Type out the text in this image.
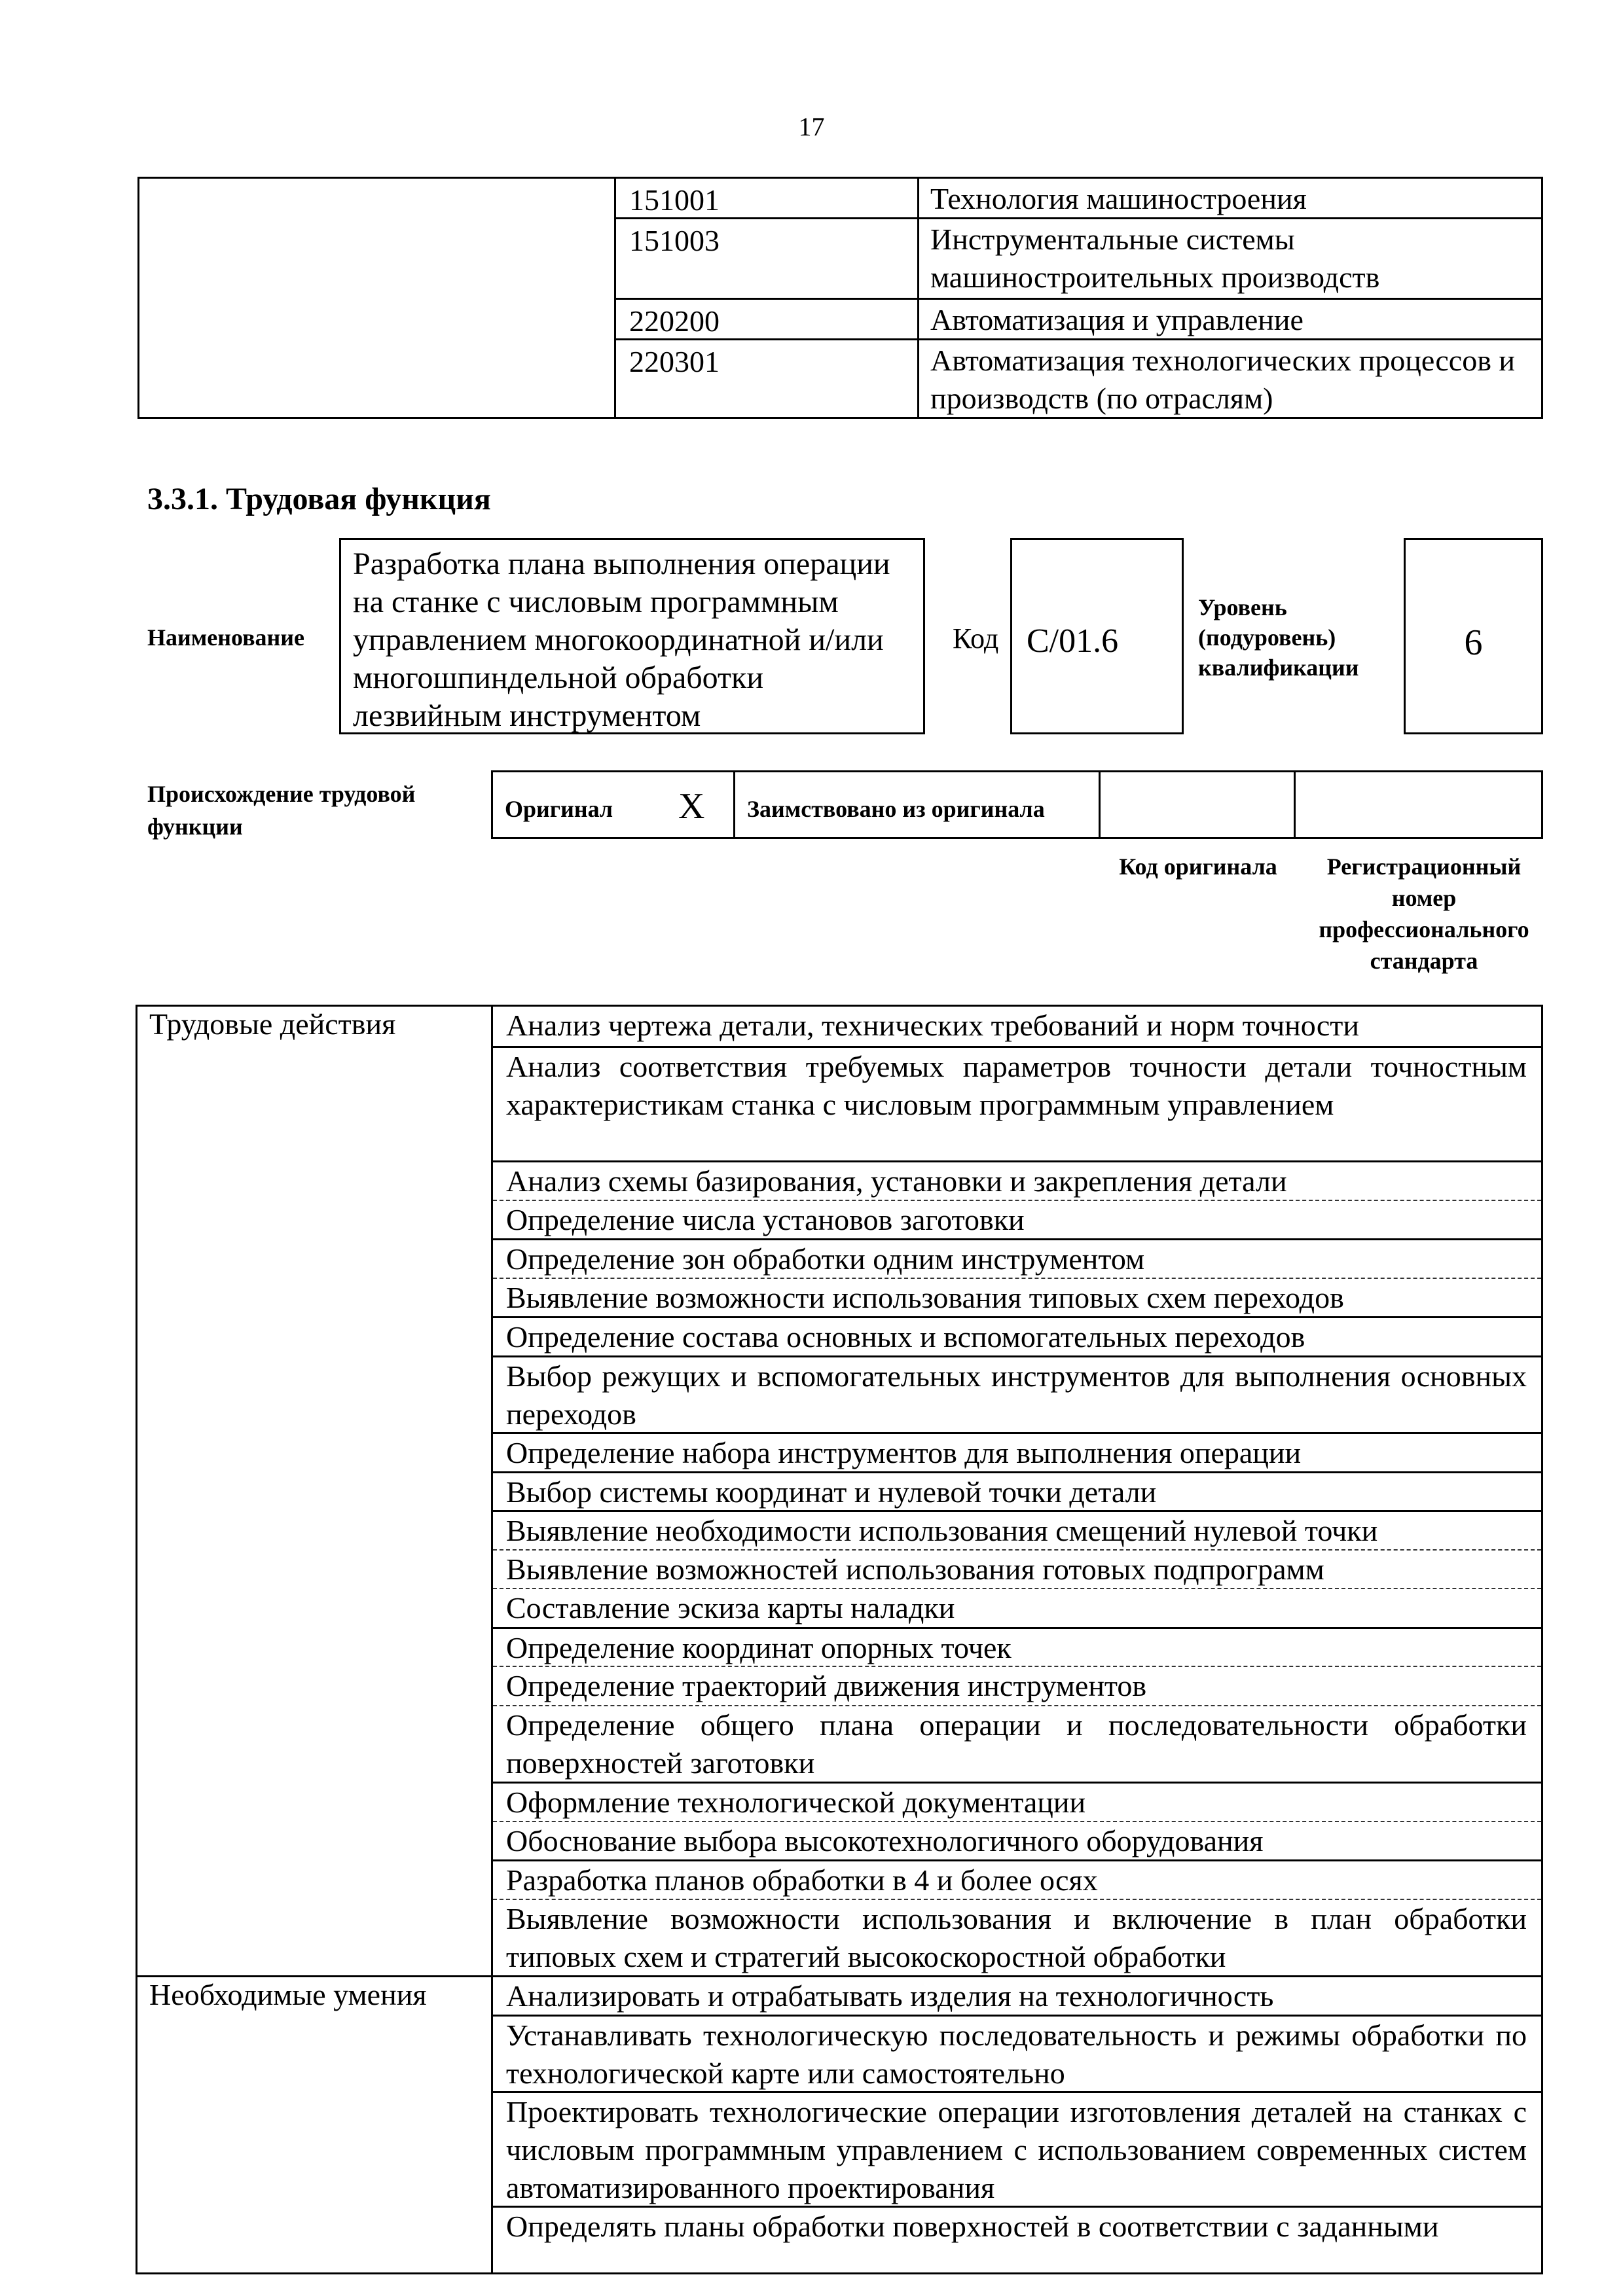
17
151001	Технология машиностроения
151003	Инструментальные системы машиностроительных производств
220200	Автоматизация и управление
220301	Автоматизация технологических процессов и производств (по отраслям)
3.3.1. Трудовая функция
Наименование
Разработка плана выполнения операции на станке с числовым программным управлением многокоординатной и/или многошпиндельной обработки лезвийным инструментом
Код С/01.6
Уровень (подуровень) квалификации
6
Происхождение трудовой функции
Оригинал X Заимствовано из оригинала
Код оригинала	Регистрационный номер профессионального стандарта
Трудовые действия	Анализ чертежа детали, технических требований и норм точности
Анализ соответствия требуемых параметров точности детали точностным характеристикам станка с числовым программным управлением
Анализ схемы базирования, установки и закрепления детали
Определение числа установов заготовки
Определение зон обработки одним инструментом
Выявление возможности использования типовых схем переходов
Определение состава основных и вспомогательных переходов
Выбор режущих и вспомогательных инструментов для выполнения основных переходов
Определение набора инструментов для выполнения операции
Выбор системы координат и нулевой точки детали
Выявление необходимости использования смещений нулевой точки
Выявление возможностей использования готовых подпрограмм
Составление эскиза карты наладки
Определение координат опорных точек
Определение траекторий движения инструментов
Определение общего плана операции и последовательности обработки поверхностей заготовки
Оформление технологической документации
Обоснование выбора высокотехнологичного оборудования
Разработка планов обработки в 4 и более осях
Выявление возможности использования и включение в план обработки типовых схем и стратегий высокоскоростной обработки
Необходимые умения	Анализировать и отрабатывать изделия на технологичность
Устанавливать технологическую последовательность и режимы обработки по технологической карте или самостоятельно
Проектировать технологические операции изготовления деталей на станках с числовым программным управлением с использованием современных систем автоматизированного проектирования
Определять планы обработки поверхностей в соответствии с заданными
